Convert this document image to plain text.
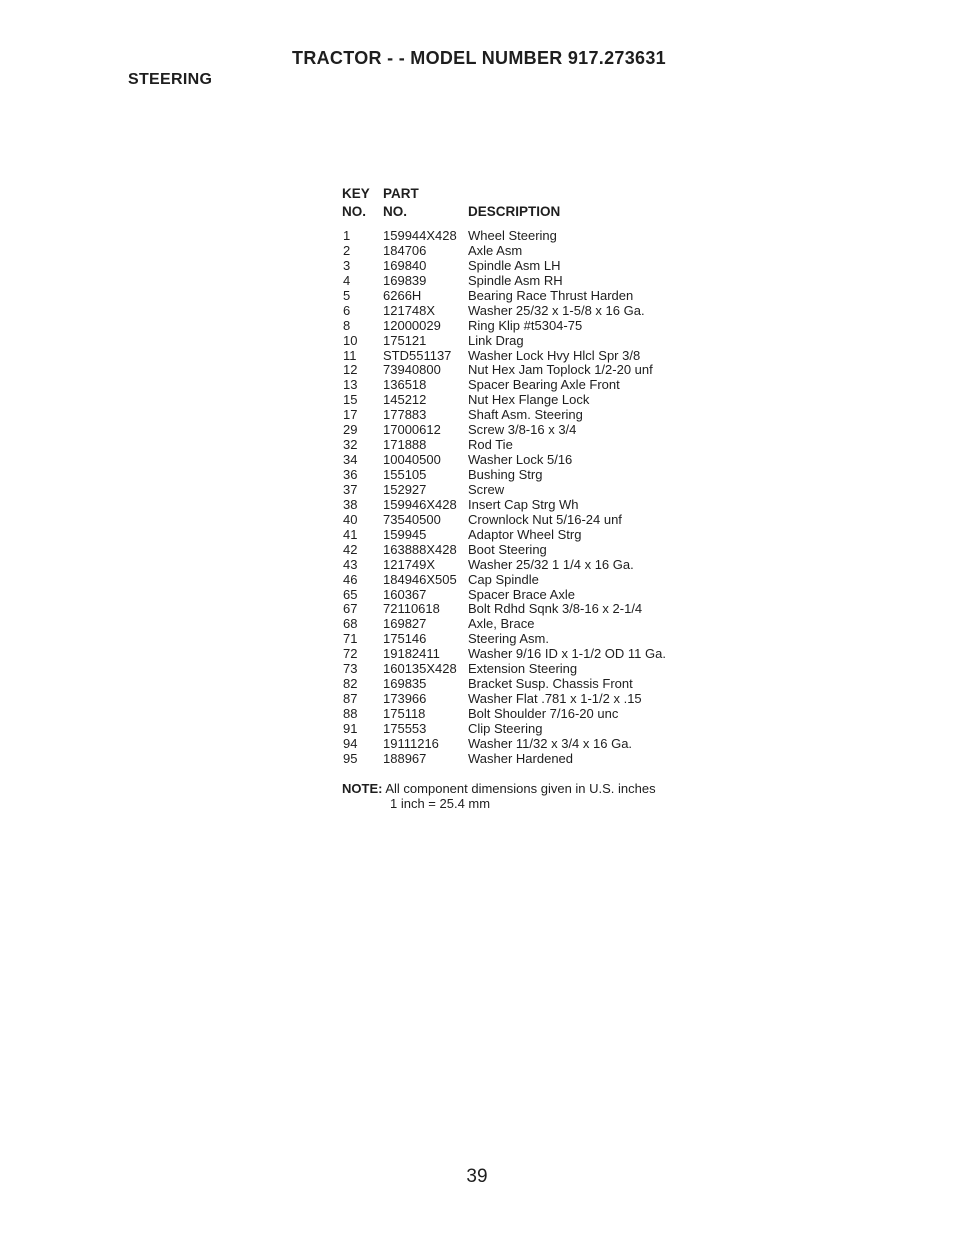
TRACTOR - - MODEL NUMBER 917.273631
STEERING
KEY
NO.
PART
NO.	DESCRIPTION
1	159944X428 Wheel Steering
2	184706	Axle Asm
3	169840	Spindle Asm LH
4	169839	Spindle Asm RH
5	6266H	Bearing Race Thrust Harden
6	121748X	Washer 25/32 x 1-5/8 x 16 Ga.
8	12000029 Ring Klip #t5304-75
10 175121	Link Drag
11 STD551137 Washer Lock Hvy Hlcl Spr 3/8
12 73940800 Nut Hex Jam Toplock 1/2-20 unf
13 136518	Spacer Bearing Axle Front
15 145212	Nut Hex Flange Lock
17 177883	Shaft Asm. Steering
29 17000612 Screw 3/8-16 x 3/4
32 171888	Rod Tie
34 10040500 Washer Lock 5/16
36 155105	Bushing Strg
37 152927	Screw
38 159946X428 Insert Cap Strg Wh
40 73540500 Crownlock Nut 5/16-24 unf
41 159945	Adaptor Wheel Strg
42 163888X428 Boot Steering
43 121749X	Washer 25/32 1 1/4 x 16 Ga.
46 184946X505 Cap Spindle
65 160367	Spacer Brace Axle
67 72110618 Bolt Rdhd Sqnk 3/8-16 x 2-1/4
68 169827	Axle, Brace
71 175146	Steering Asm.
72 19182411 Washer 9/16 ID x 1-1/2 OD 11 Ga.
73 160135X428 Extension Steering
82 169835	Bracket Susp. Chassis Front
87 173966	Washer Flat .781 x 1-1/2 x .15
88 175118	Bolt Shoulder 7/16-20 unc
91 175553	Clip Steering
94 19111216 Washer 11/32 x 3/4 x 16 Ga.
95 188967	Washer Hardened
NOTE: All component dimensions given in U.S. inches
1 inch = 25.4 mm
39
